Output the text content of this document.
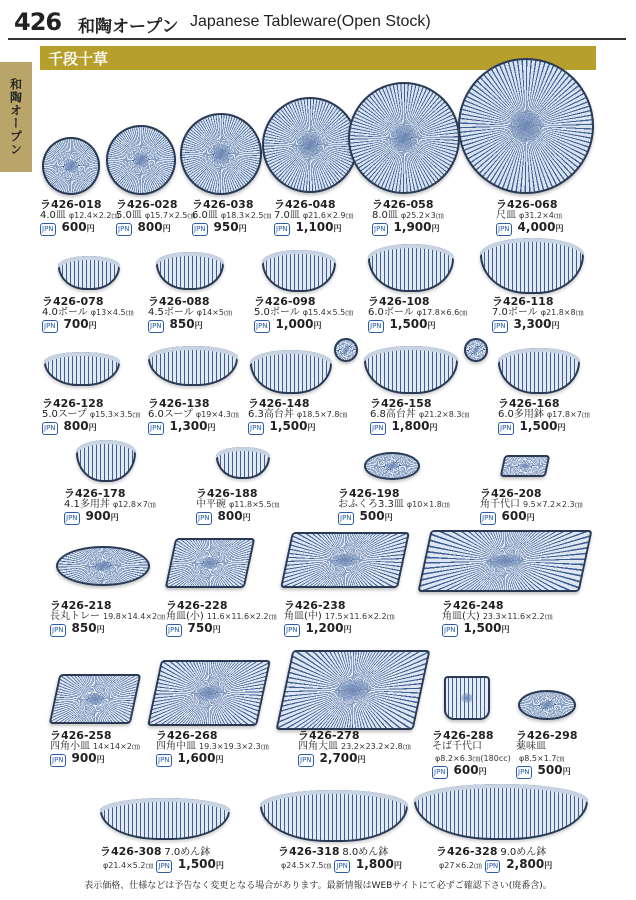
426 和陶オープン Japanese Tableware(Open Stock)
和陶オープン
千段十草
ラ426-018
4.0皿 φ12.4×2.2㎝
JPN 600円
ラ426-028
5.0皿 φ15.7×2.5㎝
JPN 800円
ラ426-038
6.0皿 φ18.3×2.5㎝
JPN 950円
ラ426-048
7.0皿 φ21.6×2.9㎝
JPN 1,100円
ラ426-058
8.0皿 φ25.2×3㎝
JPN 1,900円
ラ426-068
尺皿 φ31.2×4㎝
JPN 4,000円
ラ426-078
4.0ボール φ13×4.5㎝
JPN 700円
ラ426-088
4.5ボール φ14×5㎝
JPN 850円
ラ426-098
5.0ボール φ15.4×5.5㎝
JPN 1,000円
ラ426-108
6.0ボール φ17.8×6.6㎝
JPN 1,500円
ラ426-118
7.0ボール φ21.8×8㎝
JPN 3,300円
ラ426-128
5.0スープ φ15.3×3.5㎝
JPN 800円
ラ426-138
6.0スープ φ19×4.3㎝
JPN 1,300円
ラ426-148
6.3高台丼 φ18.5×7.8㎝
JPN 1,500円
ラ426-158
6.8高台丼 φ21.2×8.3㎝
JPN 1,800円
ラ426-168
6.0多用鉢 φ17.8×7㎝
JPN 1,500円
ラ426-178
4.1多用丼 φ12.8×7㎝
JPN 900円
ラ426-188
中平碗 φ11.8×5.5㎝
JPN 800円
ラ426-198
おふくろ3.3皿 φ10×1.8㎝
JPN 500円
ラ426-208
角千代口 9.5×7.2×2.3㎝
JPN 600円
ラ426-218
長丸トレー 19.8×14.4×2㎝
JPN 850円
ラ426-228
角皿(小) 11.6×11.6×2.2㎝
JPN 750円
ラ426-238
角皿(中) 17.5×11.6×2.2㎝
JPN 1,200円
ラ426-248
角皿(大) 23.3×11.6×2.2㎝
JPN 1,500円
ラ426-258
四角小皿 14×14×2㎝
JPN 900円
ラ426-268
四角中皿 19.3×19.3×2.3㎝
JPN 1,600円
ラ426-278
四角大皿 23.2×23.2×2.8㎝
JPN 2,700円
ラ426-288
そば千代口
φ8.2×6.3㎝(180cc)
JPN 600円
ラ426-298
薬味皿
φ8.5×1.7㎝
JPN 500円
ラ426-308 7.0めん鉢
φ21.4×5.2㎝ JPN 1,500円
ラ426-318 8.0めん鉢
φ24.5×7.5㎝ JPN 1,800円
ラ426-328 9.0めん鉢
φ27×6.2㎝ JPN 2,800円
表示価格、仕様などは予告なく変更となる場合があります。最新情報はWEBサイトにて必ずご確認下さい(廃番含)。
